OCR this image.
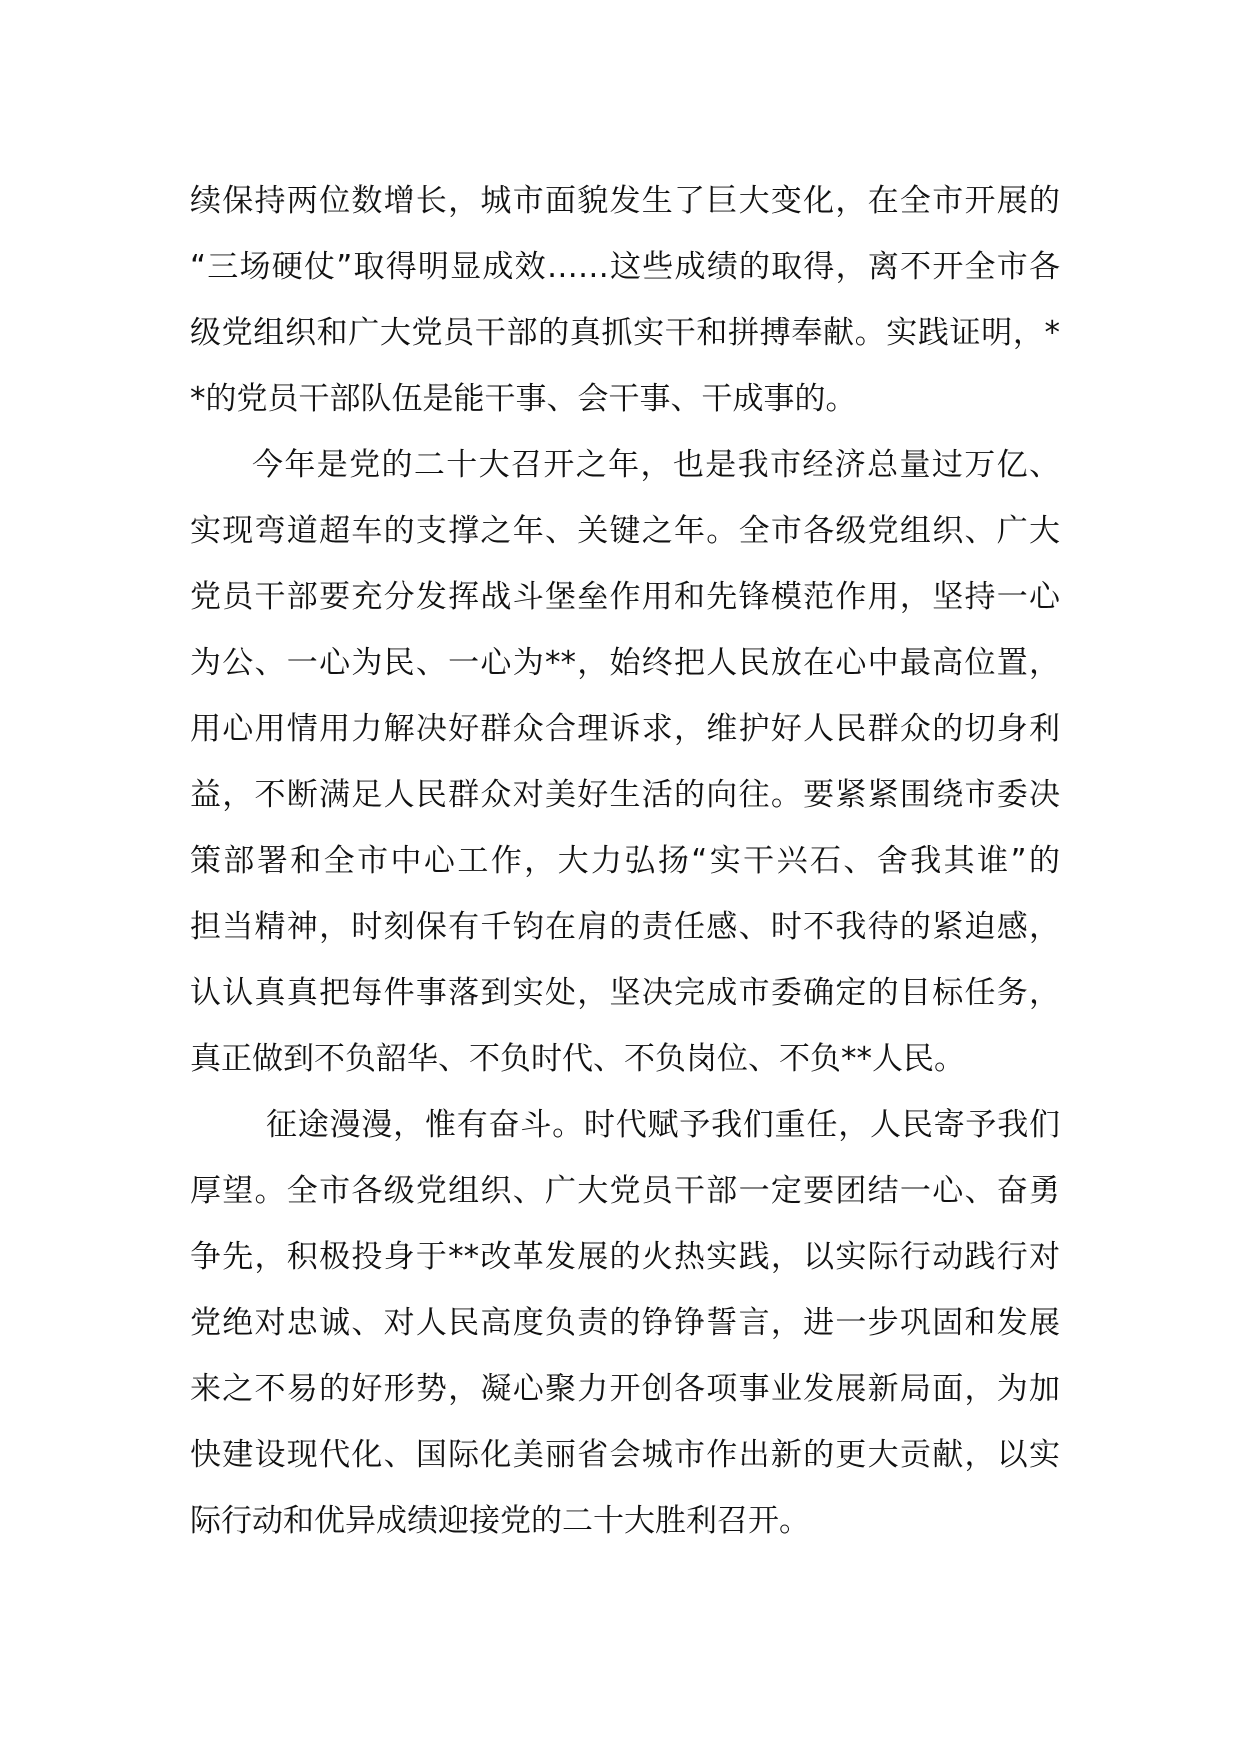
续保持两位数增长，城市面貌发生了巨大变化，在全市开展的
“三场硬仗”取得明显成效……这些成绩的取得，离不开全市各
级党组织和广大党员干部的真抓实干和拼搏奉献。实践证明，*
*的党员干部队伍是能干事、会干事、干成事的。
今年是党的二十大召开之年，也是我市经济总量过万亿、
实现弯道超车的支撑之年、关键之年。全市各级党组织、广大
党员干部要充分发挥战斗堡垒作用和先锋模范作用，坚持一心
为公、一心为民、一心为**，始终把人民放在心中最高位置，
用心用情用力解决好群众合理诉求，维护好人民群众的切身利
益，不断满足人民群众对美好生活的向往。要紧紧围绕市委决
策部署和全市中心工作，大力弘扬“实干兴石、舍我其谁”的
担当精神，时刻保有千钧在肩的责任感、时不我待的紧迫感，
认认真真把每件事落到实处，坚决完成市委确定的目标任务，
真正做到不负韶华、不负时代、不负岗位、不负**人民。
征途漫漫，惟有奋斗。时代赋予我们重任，人民寄予我们
厚望。全市各级党组织、广大党员干部一定要团结一心、奋勇
争先，积极投身于**改革发展的火热实践，以实际行动践行对
党绝对忠诚、对人民高度负责的铮铮誓言，进一步巩固和发展
来之不易的好形势，凝心聚力开创各项事业发展新局面，为加
快建设现代化、国际化美丽省会城市作出新的更大贡献，以实
际行动和优异成绩迎接党的二十大胜利召开。
